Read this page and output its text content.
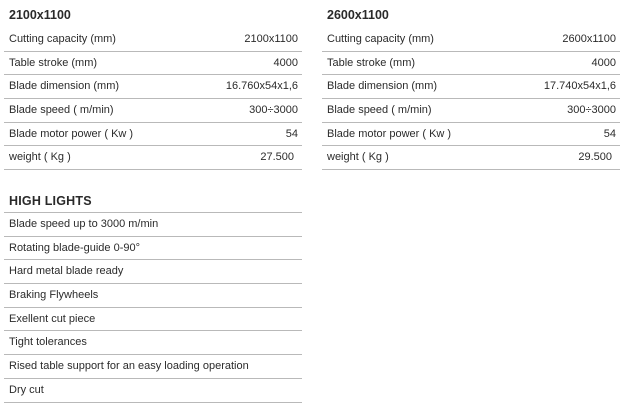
2100x1100
Cutting capacity (mm)	2100x1100
Table stroke (mm)	4000
Blade dimension (mm)	16.760x54x1,6
Blade speed ( m/min)	300÷3000
Blade motor power ( Kw )	54
weight ( Kg )	27.500
2600x1100
Cutting capacity (mm)	2600x1100
Table stroke (mm)	4000
Blade dimension (mm)	17.740x54x1,6
Blade speed ( m/min)	300÷3000
Blade motor power ( Kw )	54
weight ( Kg )	29.500
HIGH LIGHTS
Blade speed up to 3000 m/min
Rotating blade-guide 0-90°
Hard metal blade ready
Braking Flywheels
Exellent cut piece
Tight tolerances
Rised table support for an easy loading operation
Dry cut
